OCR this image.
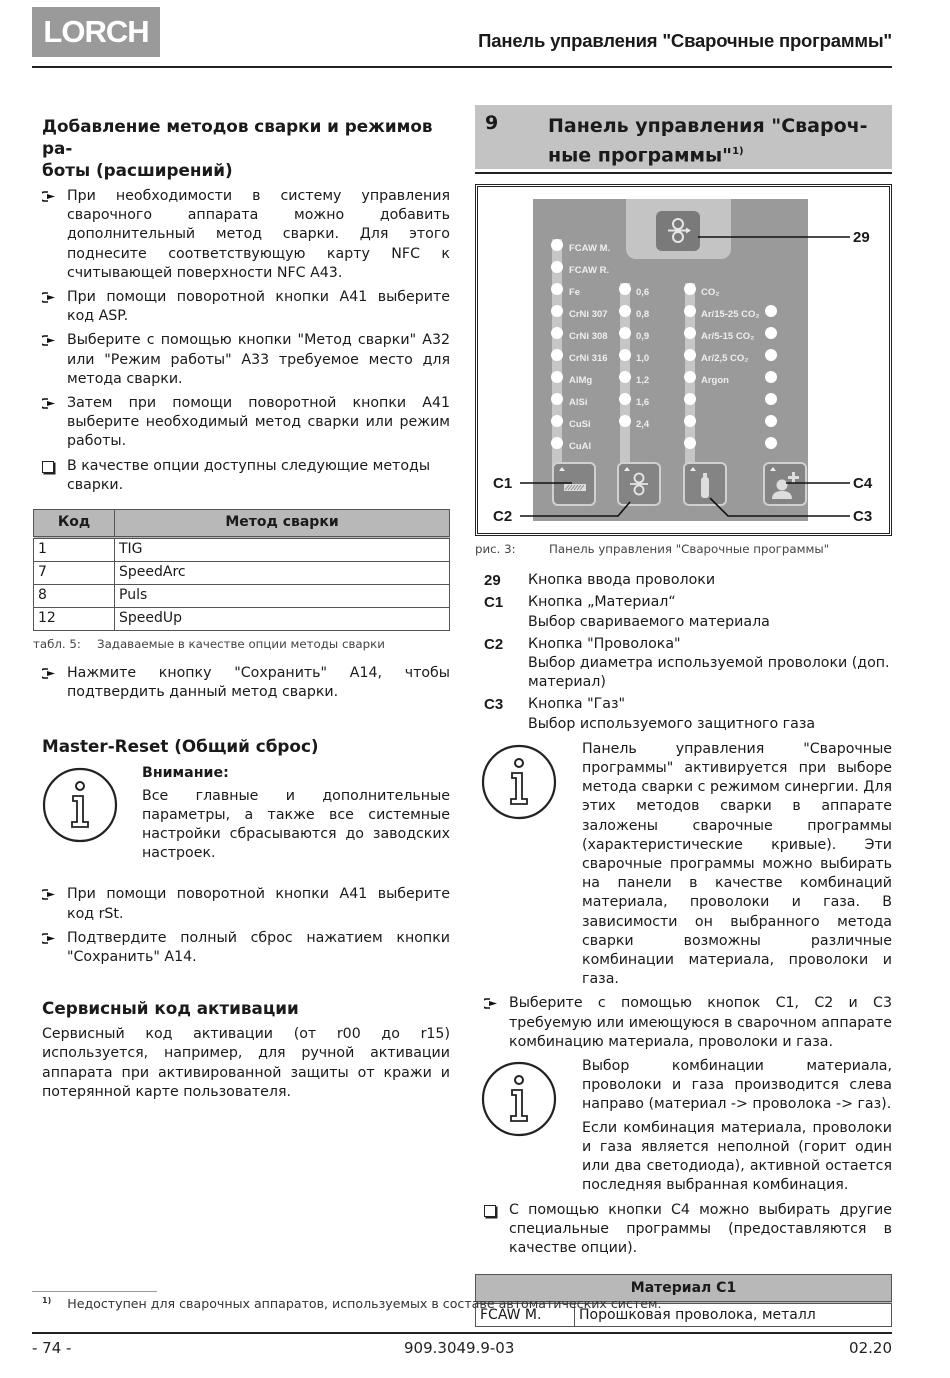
LORCH	Панель управления "Сварочные программы"
Добавление методов сварки и режимов ра-
боты (расширений)
При необходимости в систему управления сварочного аппарата можно добавить дополнительный метод сварки. Для этого поднесите соответствующую карту NFC к считывающей поверхности NFC A43.
При помощи поворотной кнопки A41 выберите код ASP.
Выберите с помощью кнопки "Метод сварки" A32 или "Режим работы" A33 требуемое место для метода сварки.
Затем при помощи поворотной кнопки A41 выберите необходимый метод сварки или режим работы.
В качестве опции доступны следующие методы сварки.
Код	Метод сварки
1	TIG
7	SpeedArc
8	Puls
12	SpeedUp
табл. 5: Задаваемые в качестве опции методы сварки
Нажмите кнопку "Сохранить" A14, чтобы подтвердить данный метод сварки.
Master-Reset (Общий сброс)
Внимание:
Все главные и дополнительные параметры, а также все системные настройки сбрасываются до заводских настроек.
При помощи поворотной кнопки A41 выберите код rSt.
Подтвердите полный сброс нажатием кнопки "Сохранить" A14.
Сервисный код активации
Сервисный код активации (от r00 до r15) используется, например, для ручной активации аппарата при активированной защиты от кражи и потерянной карте пользователя.
9	Панель управления "Свароч-
ные программы"$^{1)}$
FCAW M.
FCAW R.
Fe
CrNi 307
CrNi 308
CrNi 316
AlMg
AlSi
CuSi
CuAl
0,6
0,8
0,9
1,0
1,2
1,6
2,4
CO₂
Ar/15-25 CO₂
Ar/5-15 CO₂
Ar/2,5 CO₂
Argon
29
C1
C2	C3
C4
рис. 3:	Панель управления "Сварочные программы"
29 Кнопка ввода проволоки
C1 Кнопка „Материал“
Выбор свариваемого материала
C2 Кнопка "Проволока"
Выбор диаметра используемой проволоки (доп. материал)
C3 Кнопка "Газ"
Выбор используемого защитного газа
Панель управления "Сварочные программы" активируется при выборе метода сварки с режимом синергии. Для этих методов сварки в аппарате заложены сварочные программы (характеристические кривые). Эти сварочные программы можно выбирать на панели в качестве комбинаций материала, проволоки и газа. В зависимости он выбранного метода сварки возможны различные комбинации материала, проволоки и газа.
Выберите с помощью кнопок C1, C2 и C3 требуемую или имеющуюся в сварочном аппарате комбинацию материала, проволоки и газа.
Выбор комбинации материала, проволоки и газа производится слева направо (материал -> проволока -> газ).
Если комбинация материала, проволоки и газа является неполной (горит один или два светодиода), активной остается последняя выбранная комбинация.
С помощью кнопки C4 можно выбирать другие специальные программы (предоставляются в качестве опции).
Материал C1
FCAW M.	Порошковая проволока, металл
$^{1)}$ Недоступен для сварочных аппаратов, используемых в составе автоматических систем.
- 74 -	909.3049.9-03	02.20
